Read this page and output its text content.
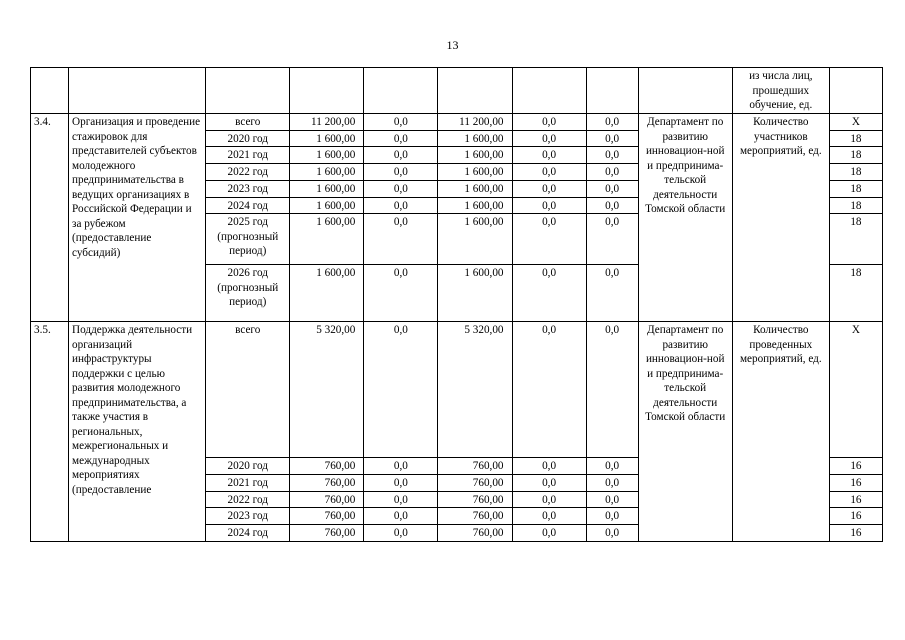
13
									из числа лиц, прошедших обучение, ед.	
3.4.	Организация и проведение стажировок для представителей субъектов молодежного предпринимательства в ведущих организациях в Российской Федерации и за рубежом (предоставление субсидий)	всего	11 200,00	0,0	11 200,00	0,0	0,0	Департамент по развитию инновацион-ной и предпринима-тельской деятельности Томской области	Количество участников мероприятий, ед.	Х
		2020 год	1 600,00	0,0	1 600,00	0,0	0,0			18
		2021 год	1 600,00	0,0	1 600,00	0,0	0,0			18
		2022 год	1 600,00	0,0	1 600,00	0,0	0,0			18
		2023 год	1 600,00	0,0	1 600,00	0,0	0,0			18
		2024 год	1 600,00	0,0	1 600,00	0,0	0,0			18
		2025 год (прогнозный период)	1 600,00	0,0	1 600,00	0,0	0,0			18
		2026 год (прогнозный период)	1 600,00	0,0	1 600,00	0,0	0,0			18
3.5.	Поддержка деятельности организаций инфраструктуры поддержки с целью развития молодежного предпринимательства, а также участия в региональных, межрегиональных и международных мероприятиях (предоставление	всего	5 320,00	0,0	5 320,00	0,0	0,0	Департамент по развитию инновацион-ной и предпринима-тельской деятельности Томской области	Количество проведенных мероприятий, ед.	Х
		2020 год	760,00	0,0	760,00	0,0	0,0			16
		2021 год	760,00	0,0	760,00	0,0	0,0			16
		2022 год	760,00	0,0	760,00	0,0	0,0			16
		2023 год	760,00	0,0	760,00	0,0	0,0			16
		2024 год	760,00	0,0	760,00	0,0	0,0			16
